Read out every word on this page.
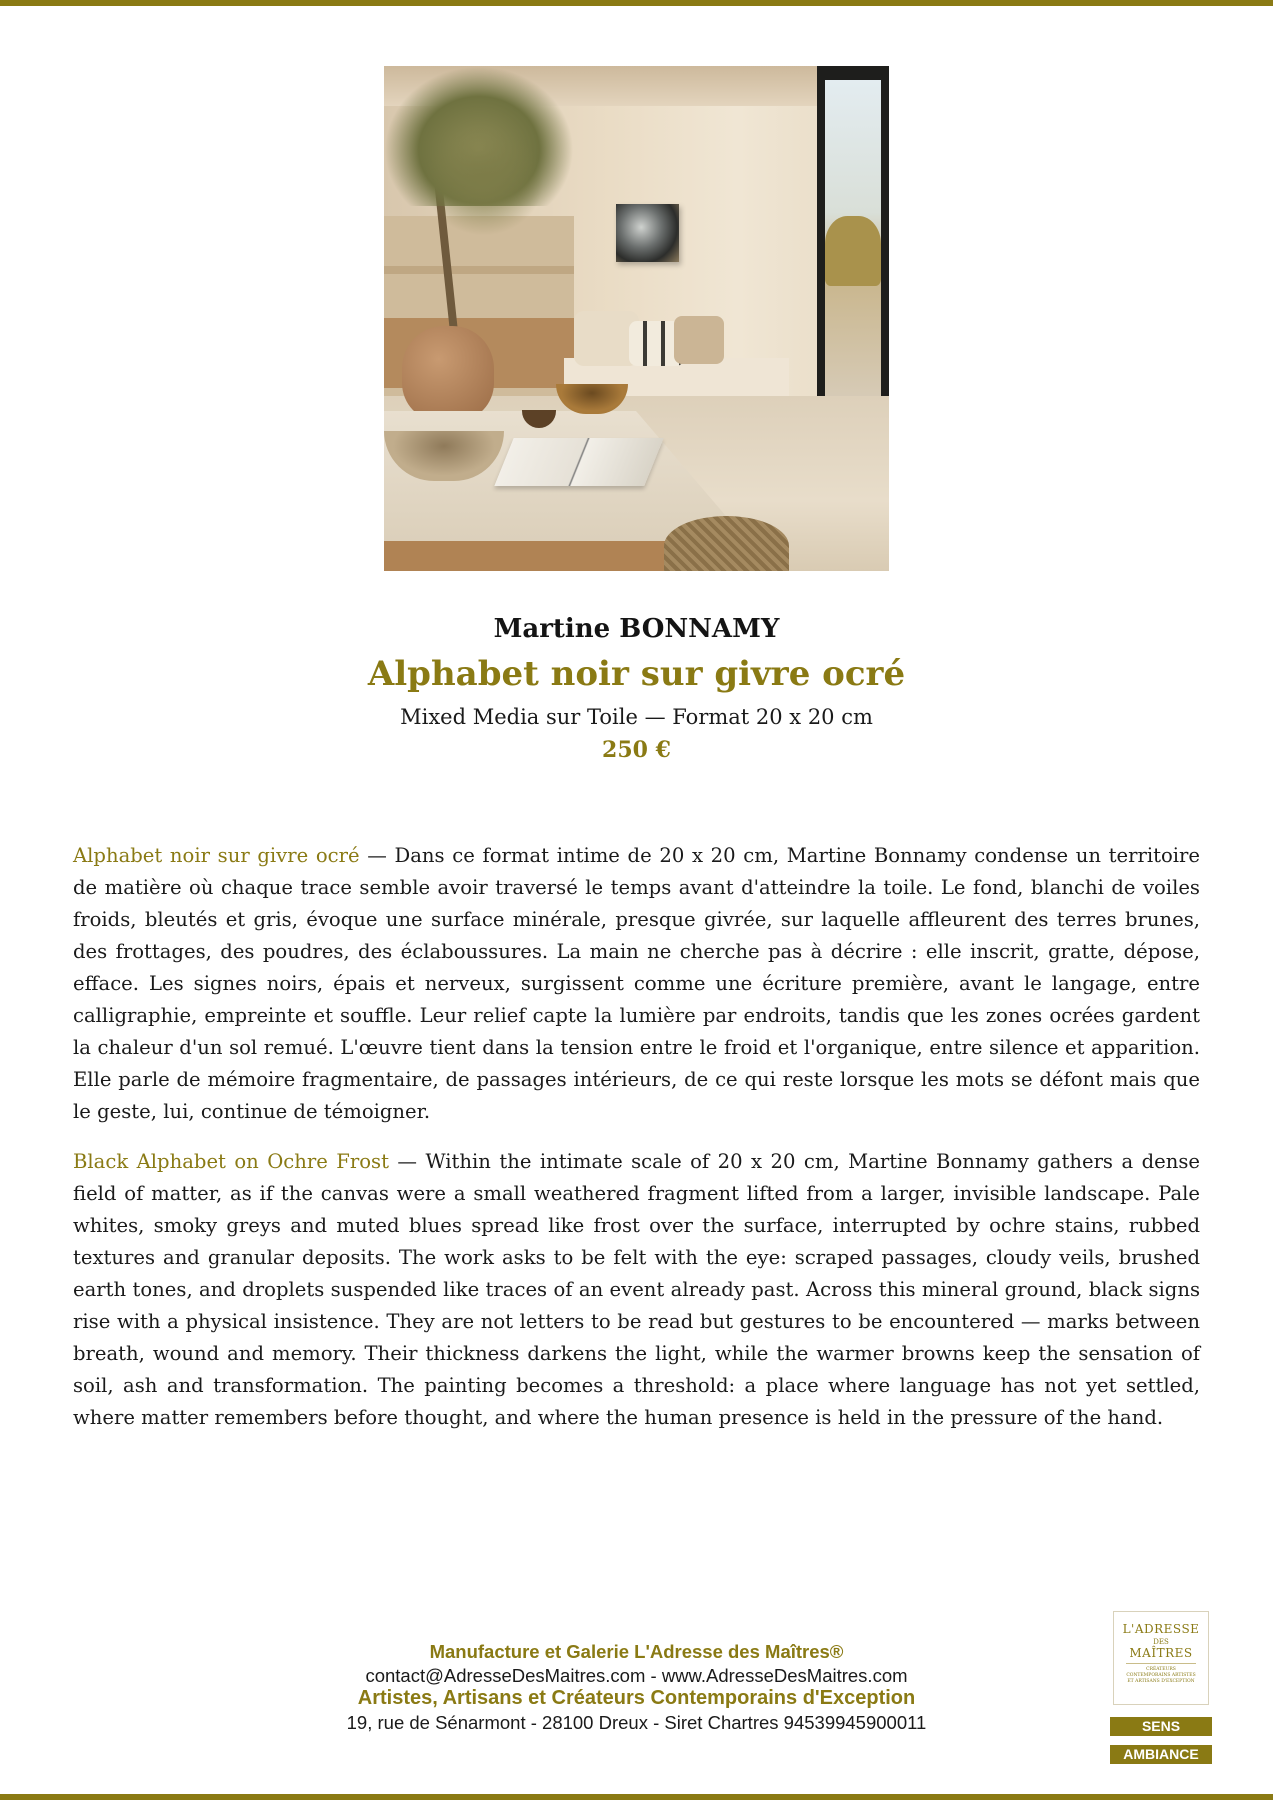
Martine BONNAMY
Alphabet noir sur givre ocré
Mixed Media sur Toile — Format 20 x 20 cm
250 €

Alphabet noir sur givre ocré — Dans ce format intime de 20 x 20 cm, Martine Bonnamy condense un territoire de matière où chaque trace semble avoir traversé le temps avant d'atteindre la toile. Le fond, blanchi de voiles froids, bleutés et gris, évoque une surface minérale, presque givrée, sur laquelle affleurent des terres brunes, des frottages, des poudres, des éclaboussures. La main ne cherche pas à décrire : elle inscrit, gratte, dépose, efface. Les signes noirs, épais et nerveux, surgissent comme une écriture première, avant le langage, entre calligraphie, empreinte et souffle. Leur relief capte la lumière par endroits, tandis que les zones ocrées gardent la chaleur d'un sol remué. L'œuvre tient dans la tension entre le froid et l'organique, entre silence et apparition. Elle parle de mémoire fragmentaire, de passages intérieurs, de ce qui reste lorsque les mots se défont mais que le geste, lui, continue de témoigner.

Black Alphabet on Ochre Frost — Within the intimate scale of 20 x 20 cm, Martine Bonnamy gathers a dense field of matter, as if the canvas were a small weathered fragment lifted from a larger, invisible landscape. Pale whites, smoky greys and muted blues spread like frost over the surface, interrupted by ochre stains, rubbed textures and granular deposits. The work asks to be felt with the eye: scraped passages, cloudy veils, brushed earth tones, and droplets suspended like traces of an event already past. Across this mineral ground, black signs rise with a physical insistence. They are not letters to be read but gestures to be encountered — marks between breath, wound and memory. Their thickness darkens the light, while the warmer browns keep the sensation of soil, ash and transformation. The painting becomes a threshold: a place where language has not yet settled, where matter remembers before thought, and where the human presence is held in the pressure of the hand.

Manufacture et Galerie L'Adresse des Maîtres®
contact@AdresseDesMaitres.com - www.AdresseDesMaitres.com
Artistes, Artisans et Créateurs Contemporains d'Exception
19, rue de Sénarmont - 28100 Dreux - Siret Chartres 94539945900011
L'ADRESSE
DES
MAÎTRES
CRÉATEURS CONTEMPORAINS ARTISTES ET ARTISANS D'EXCEPTION
SENS
AMBIANCE
